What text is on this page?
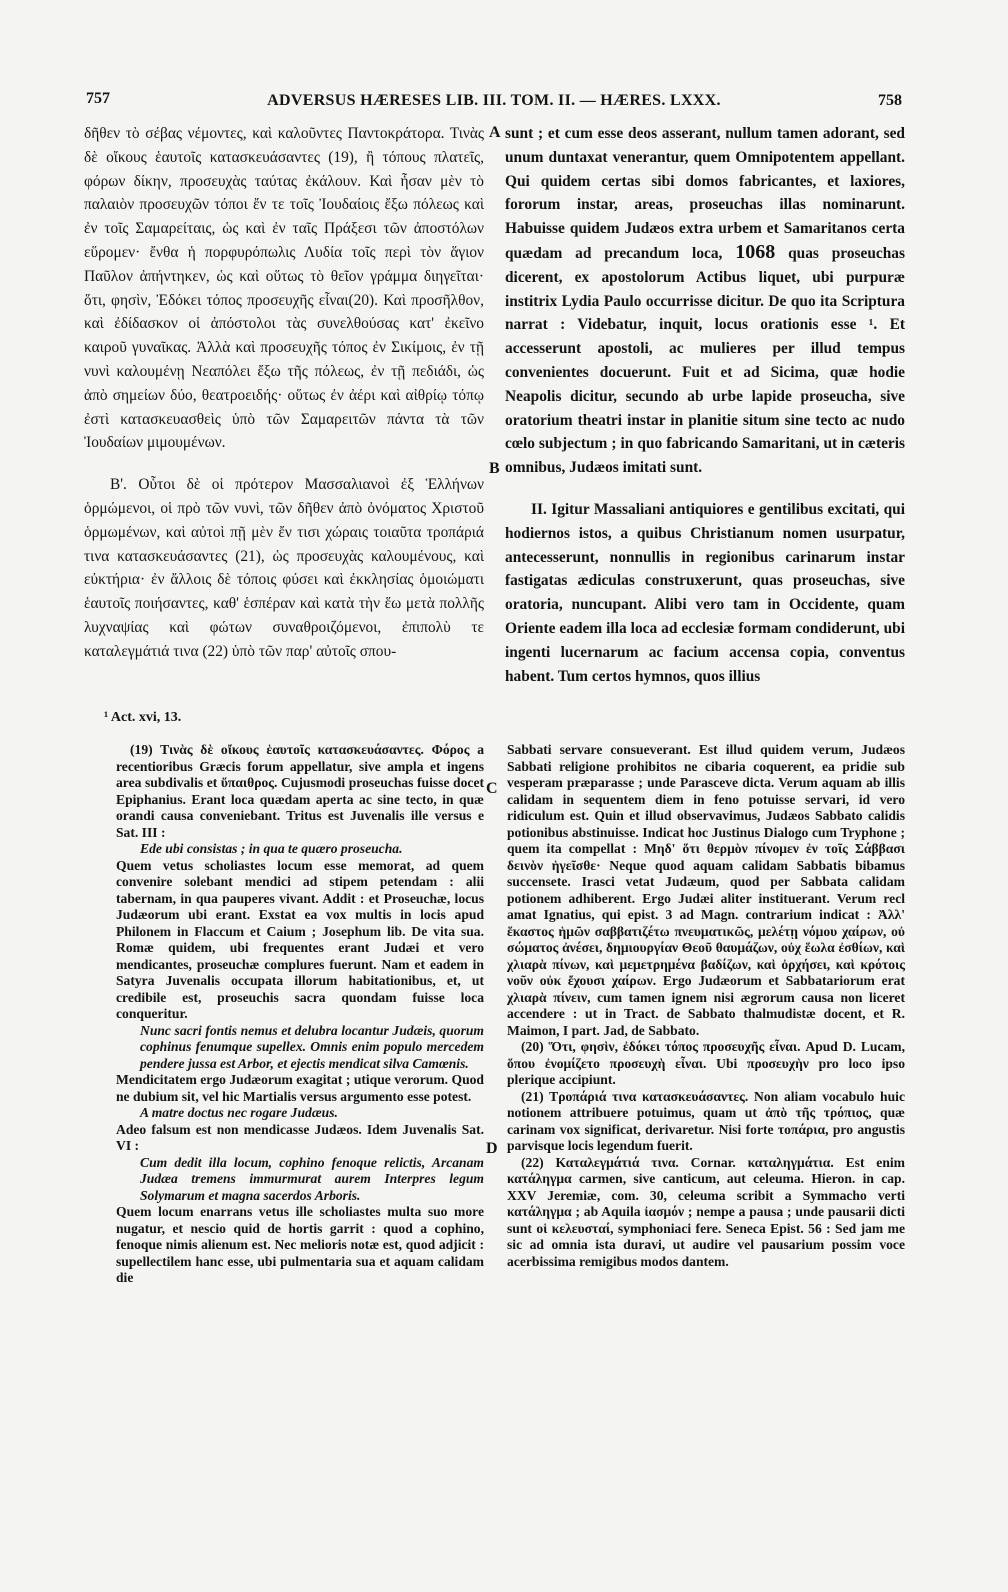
757	ADVERSUS HÆRESES LIB. III. TOM. II. — HÆRES. LXXX.	758

δῆθεν τὸ σέβας νέμοντες, καὶ καλοῦντες Παντοκράτορα. Τινὰς δὲ οἴκους ἑαυτοῖς κατασκευάσαντες (19), ἢ τόπους πλατεῖς, φόρων δίκην, προσευχὰς ταύτας ἐκάλουν. Καὶ ἦσαν μὲν τὸ παλαιὸν προσευχῶν τόποι ἔν τε τοῖς Ἰουδαίοις ἔξω πόλεως καὶ ἐν τοῖς Σαμαρείταις, ὡς καὶ ἐν ταῖς Πράξεσι τῶν ἀποστόλων εὕρομεν· ἔνθα ἡ πορφυρόπωλις Λυδία τοῖς περὶ τὸν ἅγιον Παῦλον ἀπήντηκεν, ὡς καὶ οὕτως τὸ θεῖον γράμμα διηγεῖται· ὅτι, φησὶν, Ἐδόκει τόπος προσευχῆς εἶναι(20). Καὶ προσῆλθον, καὶ ἐδίδασκον οἱ ἀπόστολοι τὰς συνελθούσας κατ' ἐκεῖνο καιροῦ γυναῖκας. Ἀλλὰ καὶ προσευχῆς τόπος ἐν Σικίμοις, ἐν τῇ νυνὶ καλουμένῃ Νεαπόλει ἔξω τῆς πόλεως, ἐν τῇ πεδιάδι, ὡς ἀπὸ σημείων δύο, θεατροειδής· οὕτως ἐν ἀέρι καὶ αἰθρίῳ τόπῳ ἐστὶ κατασκευασθεὶς ὑπὸ τῶν Σαμαρειτῶν πάντα τὰ τῶν Ἰουδαίων μιμουμένων.

Β'. Οὗτοι δὲ οἱ πρότερον Μασσαλιανοὶ ἐξ Ἑλλήνων ὁρμώμενοι, οἱ πρὸ τῶν νυνὶ, τῶν δῆθεν ἀπὸ ὀνόματος Χριστοῦ ὁρμωμένων, καὶ αὐτοὶ πῇ μὲν ἔν τισι χώραις τοιαῦτα τροπάριά τινα κατασκευάσαντες (21), ὡς προσευχὰς καλουμένους, καὶ εὐκτήρια· ἐν ἄλλοις δὲ τόποις φύσει καὶ ἐκκλησίας ὁμοιώματι ἑαυτοῖς ποιήσαντες, καθ' ἑσπέραν καὶ κατὰ τὴν ἕω μετὰ πολλῆς λυχναψίας καὶ φώτων συναθροιζόμενοι, ἐπιπολὺ τε καταλεγμάτιά τινα (22) ὑπὸ τῶν παρ' αὐτοῖς σπου-

A
B

sunt ; et cum esse deos asserant, nullum tamen adorant, sed unum duntaxat venerantur, quem Omnipotentem appellant. Qui quidem certas sibi domos fabricantes, et laxiores, fororum instar, areas, proseuchas illas nominarunt. Habuisse quidem Judæos extra urbem et Samaritanos certa quædam ad precandum loca, 1068 quas proseuchas dicerent, ex apostolorum Actibus liquet, ubi purpuræ institrix Lydia Paulo occurrisse dicitur. De quo ita Scriptura narrat : Videbatur, inquit, locus orationis esse ¹. Et accesserunt apostoli, ac mulieres per illud tempus convenientes docuerunt. Fuit et ad Sicima, quæ hodie Neapolis dicitur, secundo ab urbe lapide proseucha, sive oratorium theatri instar in planitie situm sine tecto ac nudo cœlo subjectum ; in quo fabricando Samaritani, ut in cæteris omnibus, Judæos imitati sunt.

II. Igitur Massaliani antiquiores e gentilibus excitati, qui hodiernos istos, a quibus Christianum nomen usurpatur, antecesserunt, nonnullis in regionibus carinarum instar fastigatas ædiculas construxerunt, quas proseuchas, sive oratoria, nuncupant. Alibi vero tam in Occidente, quam Oriente eadem illa loca ad ecclesiæ formam condiderunt, ubi ingenti lucernarum ac facium accensa copia, conventus habent. Tum certos hymnos, quos illius

¹ Act. xvi, 13.

(19) Τινὰς δὲ οἴκους ἑαυτοῖς κατασκευάσαντες. Φόρος a recentioribus Græcis forum appellatur, sive ampla et ingens area subdivalis et ὕπαιθρος. Cujusmodi proseuchas fuisse docet Epiphanius. Erant loca quædam aperta ac sine tecto, in quæ orandi causa conveniebant. Tritus est Juvenalis ille versus e Sat. III :

Ede ubi consistas ; in qua te quæro proseucha.

Quem vetus scholiastes locum esse memorat, ad quem convenire solebant mendici ad stipem petendam : alii tabernam, in qua pauperes vivant. Addit : et Proseuchæ, locus Judæorum ubi erant. Exstat ea vox multis in locis apud Philonem in Flaccum et Caium ; Josephum lib. De vita sua. Romæ quidem, ubi frequentes erant Judæi et vero mendicantes, proseuchæ complures fuerunt. Nam et eadem in Satyra Juvenalis occupata illorum habitationibus, et, ut credibile est, proseuchis sacra quondam fuisse loca conqueritur.

Nunc sacri fontis nemus et delubra locantur Judæis, quorum cophinus fenumque supellex. Omnis enim populo mercedem pendere jussa est Arbor, et ejectis mendicat silva Camœnis.

Mendicitatem ergo Judæorum exagitat ; utique verorum. Quod ne dubium sit, vel hic Martialis versus argumento esse potest.

A matre doctus nec rogare Judæus.

Adeo falsum est non mendicasse Judæos. Idem Juvenalis Sat. VI :

Cum dedit illa locum, cophino fenoque relictis, Arcanam Judæa tremens immurmurat aurem Interpres legum Solymarum et magna sacerdos Arboris.

Quem locum enarrans vetus ille scholiastes multa suo more nugatur, et nescio quid de hortis garrit : quod a cophino, fenoque nimis alienum est. Nec melioris notæ est, quod adjicit : supellectilem hanc esse, ubi pulmentaria sua et aquam calidam die

C
D

Sabbati servare consueverant. Est illud quidem verum, Judæos Sabbati religione prohibitos ne cibaria coquerent, ea pridie sub vesperam præparasse ; unde Parasceve dicta. Verum aquam ab illis calidam in sequentem diem in feno potuisse servari, id vero ridiculum est. Quin et illud observavimus, Judæos Sabbato calidis potionibus abstinuisse. Indicat hoc Justinus Dialogo cum Tryphone ; quem ita compellat : Μηδ' ὅτι θερμὸν πίνομεν ἐν τοῖς Σάββασι δεινὸν ἡγεῖσθε· Neque quod aquam calidam Sabbatis bibamus succensete. Irasci vetat Judæum, quod per Sabbata calidam potionem adhiberent. Ergo Judæi aliter instituerant. Verum recl amat Ignatius, qui epist. 3 ad Magn. contrarium indicat : Ἀλλ' ἕκαστος ἡμῶν σαββατιζέτω πνευματικῶς, μελέτῃ νόμου χαίρων, οὐ σώματος ἀνέσει, δημιουργίαν Θεοῦ θαυμάζων, οὐχ ἕωλα ἐσθίων, καὶ χλιαρὰ πίνων, καὶ μεμετρημένα βαδίζων, καὶ ὀρχήσει, καὶ κρότοις νοῦν οὐκ ἔχουσι χαίρων. Ergo Judæorum et Sabbatariorum erat χλιαρὰ πίνειν, cum tamen ignem nisi ægrorum causa non liceret accendere : ut in Tract. de Sabbato thalmudistæ docent, et R. Maimon, I part. Jad, de Sabbato.

(20) Ὅτι, φησὶν, ἐδόκει τόπος προσευχῆς εἶναι. Apud D. Lucam, ὅπου ἐνομίζετο προσευχὴ εἶναι. Ubi προσευχὴν pro loco ipso plerique accipiunt.

(21) Τροπάριά τινα κατασκευάσαντες. Non aliam vocabulo huic notionem attribuere potuimus, quam ut ἀπὸ τῆς τρόπιος, quæ carinam vox significat, derivaretur. Nisi forte τοπάρια, pro angustis parvisque locis legendum fuerit.

(22) Καταλεγμάτιά τινα. Cornar. καταληγμάτια. Est enim κατάληγμα carmen, sive canticum, aut celeuma. Hieron. in cap. XXV Jeremiæ, com. 30, celeuma scribit a Symmacho verti κατάληγμα ; ab Aquila ἰασμόν ; nempe a pausa ; unde pausarii dicti sunt οἱ κελευσταί, symphoniaci fere. Seneca Epist. 56 : Sed jam me sic ad omnia ista duravi, ut audire vel pausarium possim voce acerbissima remigibus modos dantem.
